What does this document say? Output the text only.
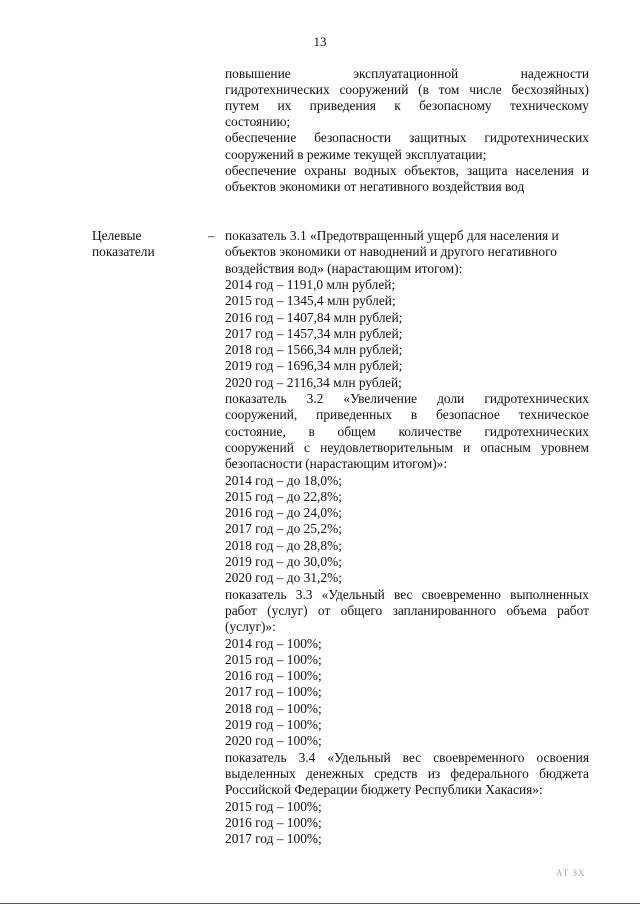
13
повышение эксплуатационной надежности
гидротехнических сооружений (в том числе бесхозяйных)
путем их приведения к безопасному техническому
состоянию;
обеспечение безопасности защитных гидротехнических
сооружений в режиме текущей эксплуатации;
обеспечение охраны водных объектов, защита населения и
объектов экономики от негативного воздействия вод
Целевые
показатели
– показатель 3.1 «Предотвращенный ущерб для населения и
объектов экономики от наводнений и другого негативного
воздействия вод» (нарастающим итогом):
2014 год – 1191,0 млн рублей;
2015 год – 1345,4 млн рублей;
2016 год – 1407,84 млн рублей;
2017 год – 1457,34 млн рублей;
2018 год – 1566,34 млн рублей;
2019 год – 1696,34 млн рублей;
2020 год – 2116,34 млн рублей;
показатель 3.2 «Увеличение доли гидротехнических
сооружений, приведенных в безопасное техническое
состояние, в общем количестве гидротехнических
сооружений с неудовлетворительным и опасным уровнем
безопасности (нарастающим итогом)»:
2014 год – до 18,0%;
2015 год – до 22,8%;
2016 год – до 24,0%;
2017 год – до 25,2%;
2018 год – до 28,8%;
2019 год – до 30,0%;
2020 год – до 31,2%;
показатель 3.3 «Удельный вес своевременно выполненных
работ (услуг) от общего запланированного объема работ
(услуг)»:
2014 год – 100%;
2015 год – 100%;
2016 год – 100%;
2017 год – 100%;
2018 год – 100%;
2019 год – 100%;
2020 год – 100%;
показатель 3.4 «Удельный вес своевременного освоения
выделенных денежных средств из федерального бюджета
Российской Федерации бюджету Республики Хакасия»:
2015 год – 100%;
2016 год – 100%;
2017 год – 100%;
АТ ЗХ
